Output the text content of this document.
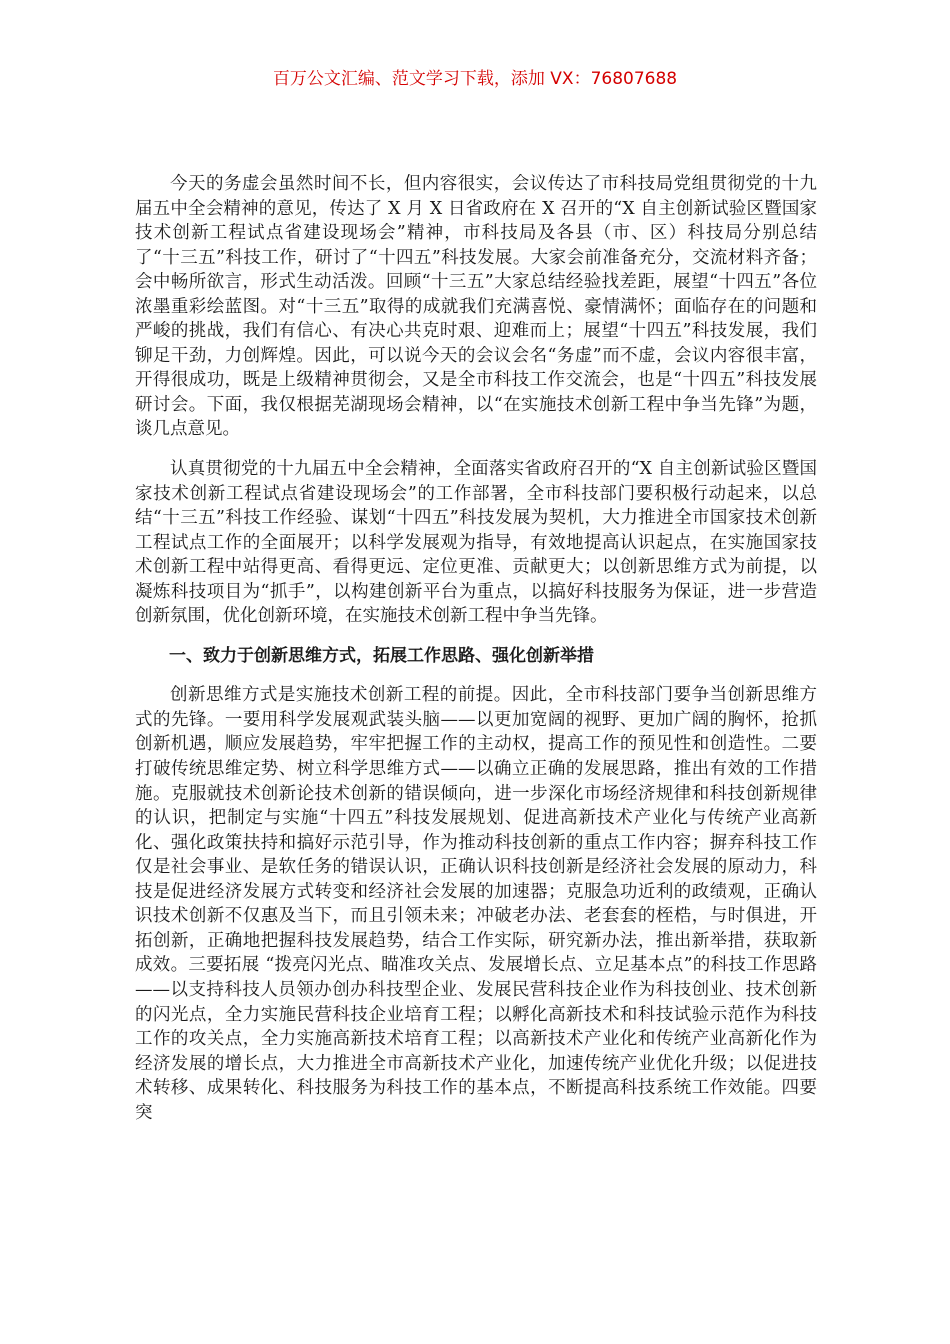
百万公文汇编、范文学习下载，添加 VX：76807688

今天的务虚会虽然时间不长，但内容很实，会议传达了市科技局党组贯彻党的十九届五中全会精神的意见，传达了 X 月 X 日省政府在 X 召开的“X 自主创新试验区暨国家技术创新工程试点省建设现场会”精神，市科技局及各县（市、区）科技局分别总结了“十三五”科技工作，研讨了“十四五”科技发展。大家会前准备充分，交流材料齐备；会中畅所欲言，形式生动活泼。回顾“十三五”大家总结经验找差距，展望“十四五”各位浓墨重彩绘蓝图。对“十三五”取得的成就我们充满喜悦、豪情满怀；面临存在的问题和严峻的挑战，我们有信心、有决心共克时艰、迎难而上；展望“十四五”科技发展，我们铆足干劲，力创辉煌。因此，可以说今天的会议会名“务虚”而不虚，会议内容很丰富，开得很成功，既是上级精神贯彻会，又是全市科技工作交流会，也是“十四五”科技发展研讨会。下面，我仅根据芜湖现场会精神，以“在实施技术创新工程中争当先锋”为题，谈几点意见。

认真贯彻党的十九届五中全会精神，全面落实省政府召开的“X 自主创新试验区暨国家技术创新工程试点省建设现场会”的工作部署，全市科技部门要积极行动起来，以总结“十三五”科技工作经验、谋划“十四五”科技发展为契机，大力推进全市国家技术创新工程试点工作的全面展开；以科学发展观为指导，有效地提高认识起点，在实施国家技术创新工程中站得更高、看得更远、定位更准、贡献更大；以创新思维方式为前提，以凝炼科技项目为“抓手”，以构建创新平台为重点，以搞好科技服务为保证，进一步营造创新氛围，优化创新环境，在实施技术创新工程中争当先锋。

一、致力于创新思维方式，拓展工作思路、强化创新举措

创新思维方式是实施技术创新工程的前提。因此，全市科技部门要争当创新思维方式的先锋。一要用科学发展观武装头脑——以更加宽阔的视野、更加广阔的胸怀，抢抓创新机遇，顺应发展趋势，牢牢把握工作的主动权，提高工作的预见性和创造性。二要打破传统思维定势、树立科学思维方式——以确立正确的发展思路，推出有效的工作措施。克服就技术创新论技术创新的错误倾向，进一步深化市场经济规律和科技创新规律的认识，把制定与实施“十四五”科技发展规划、促进高新技术产业化与传统产业高新化、强化政策扶持和搞好示范引导，作为推动科技创新的重点工作内容；摒弃科技工作仅是社会事业、是软任务的错误认识，正确认识科技创新是经济社会发展的原动力，科技是促进经济发展方式转变和经济社会发展的加速器；克服急功近利的政绩观，正确认识技术创新不仅惠及当下，而且引领未来；冲破老办法、老套套的桎梏，与时俱进，开拓创新，正确地把握科技发展趋势，结合工作实际，研究新办法，推出新举措，获取新成效。三要拓展 “拨亮闪光点、瞄准攻关点、发展增长点、立足基本点”的科技工作思路——以支持科技人员领办创办科技型企业、发展民营科技企业作为科技创业、技术创新的闪光点，全力实施民营科技企业培育工程；以孵化高新技术和科技试验示范作为科技工作的攻关点，全力实施高新技术培育工程；以高新技术产业化和传统产业高新化作为经济发展的增长点，大力推进全市高新技术产业化，加速传统产业优化升级；以促进技术转移、成果转化、科技服务为科技工作的基本点，不断提高科技系统工作效能。四要突
